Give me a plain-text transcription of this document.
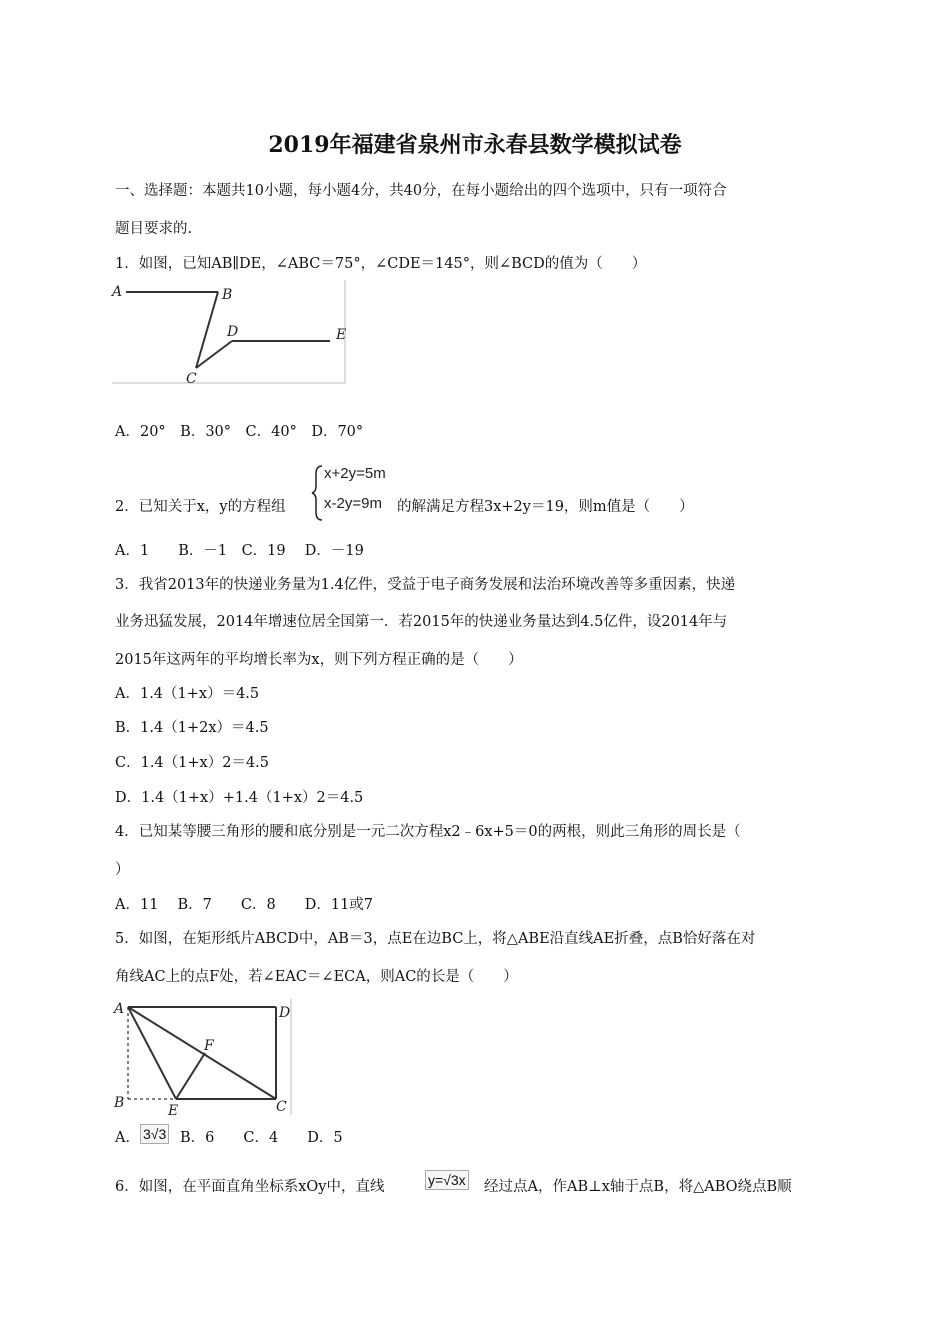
2019年福建省泉州市永春县数学模拟试卷
一、选择题：本题共10小题，每小题4分，共40分，在每小题给出的四个选项中，只有一项符合
题目要求的.
1．如图，已知AB∥DE，∠ABC＝75°，∠CDE＝145°，则∠BCD的值为（　　）
A	B
C
D	E
A．20°　B．30°　C．40°　D．70°
x+2y=5m
x-2y=9m
2．已知关于x，y的方程组	的解满足方程3x+2y＝19，则m值是（　　）
A．1　　B．－1　C．19　 D．－19
3．我省2013年的快递业务量为1.4亿件，受益于电子商务发展和法治环境改善等多重因素，快递
业务迅猛发展，2014年增速位居全国第一．若2015年的快递业务量达到4.5亿件，设2014年与
2015年这两年的平均增长率为x，则下列方程正确的是（　　）
A．1.4（1+x）＝4.5
B．1.4（1+2x）＝4.5
C．1.4（1+x）2＝4.5
D．1.4（1+x）+1.4（1+x）2＝4.5
4．已知某等腰三角形的腰和底分别是一元二次方程x2﹣6x+5＝0的两根，则此三角形的周长是（
）
A．11　 B．7　　C．8　　D．11或7
5．如图，在矩形纸片ABCD中，AB＝3，点E在边BC上，将△ABE沿直线AE折叠，点B恰好落在对
角线AC上的点F处，若∠EAC＝∠ECA，则AC的长是（　　）
A	D
F
B	E	C
A． 3√3 B．6　　C．4　　D．5
6．如图，在平面直角坐标系xOy中，直线	y=√3x 经过点A，作AB⊥x轴于点B，将△ABO绕点B顺
